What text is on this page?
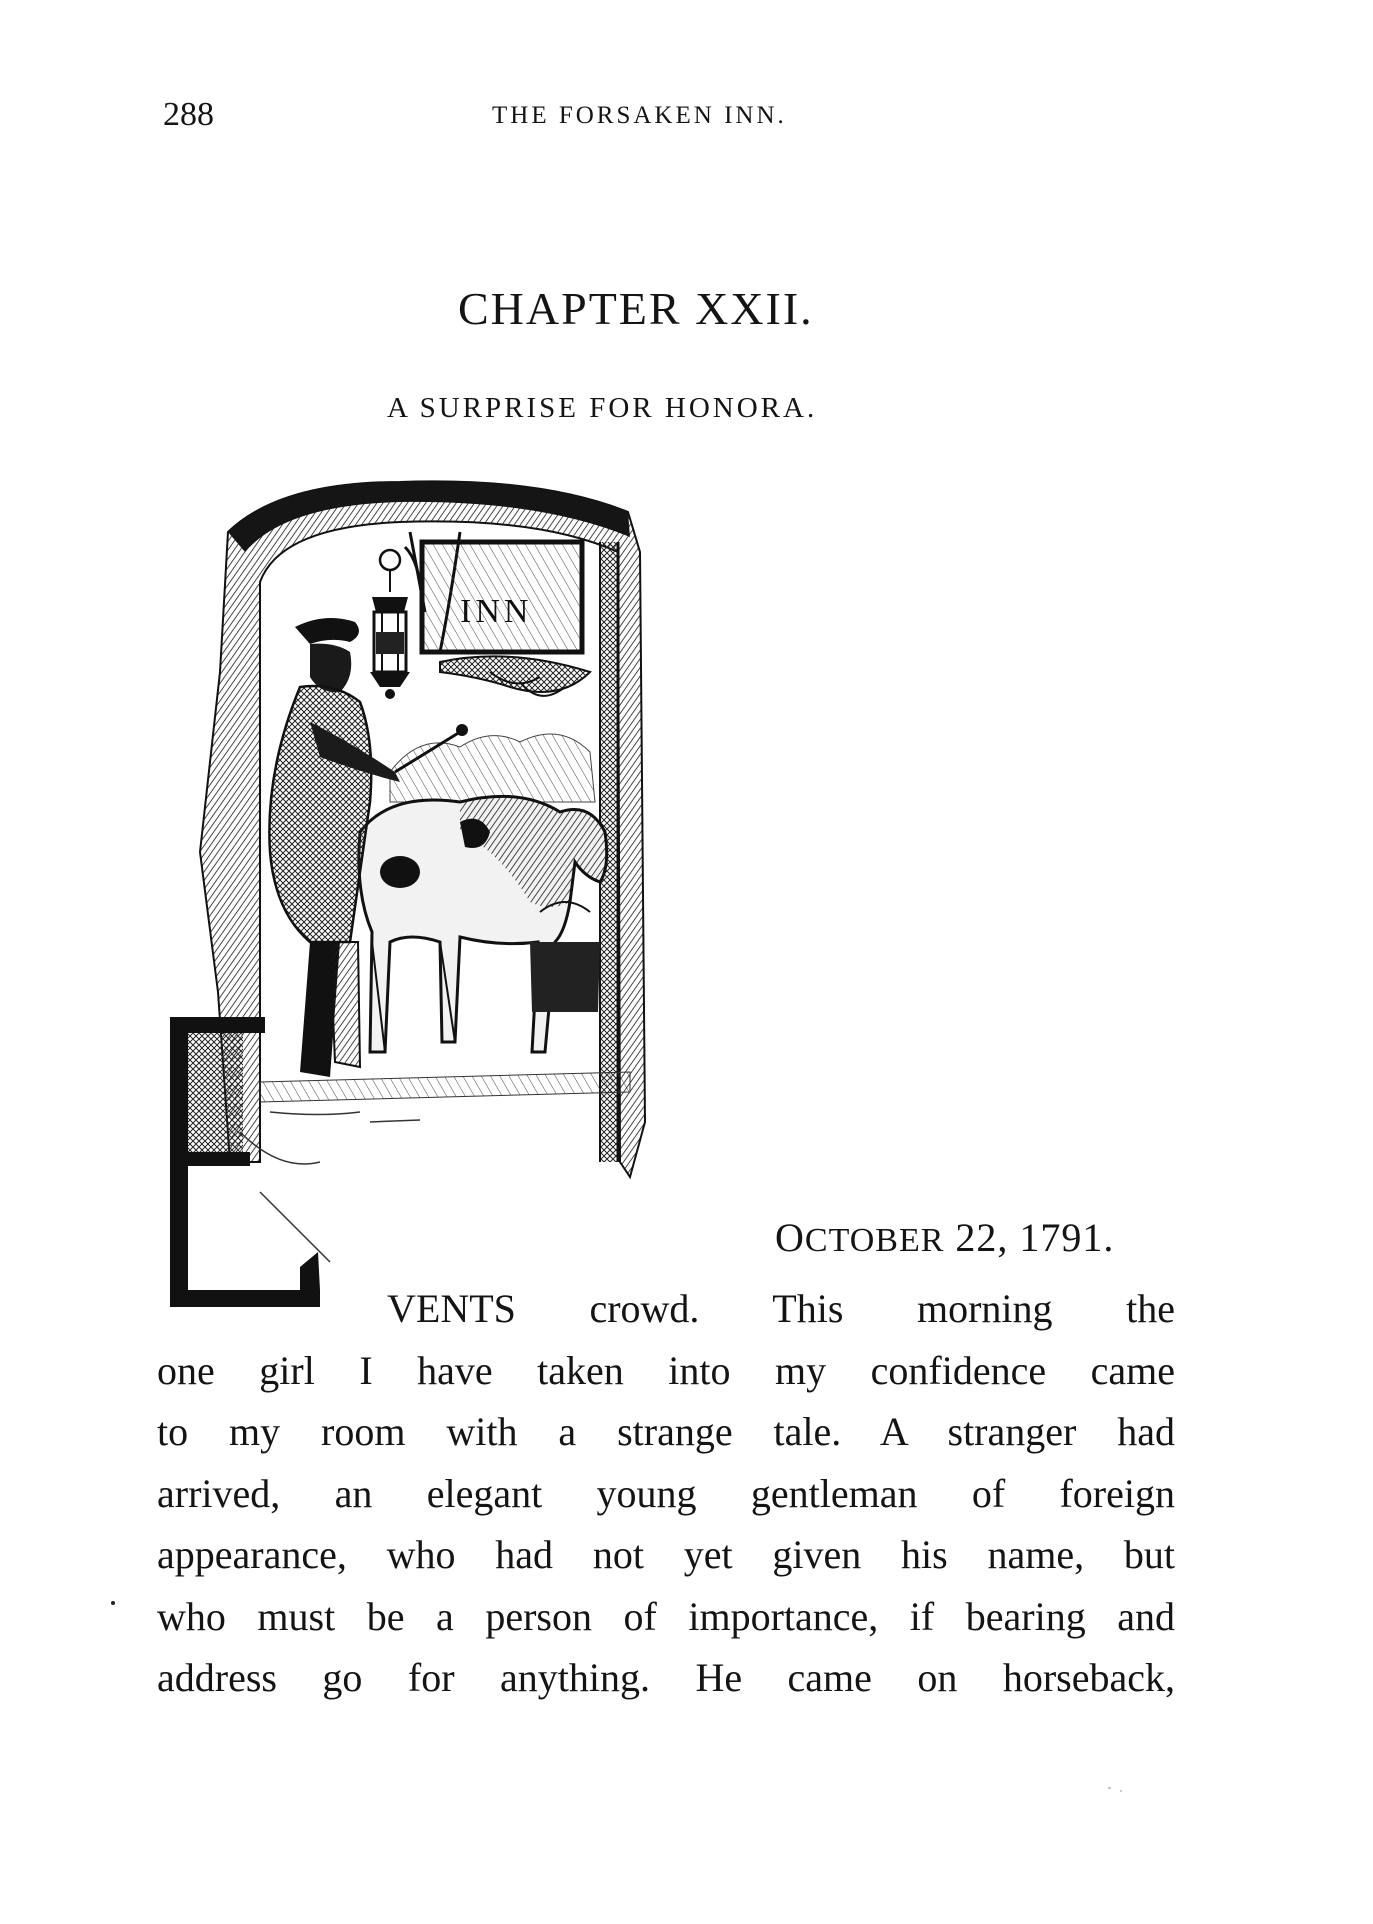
288	THE FORSAKEN INN.
CHAPTER XXII.
A SURPRISE FOR HONORA.
INN
OCTOBER 22, 1791.
VENTS crowd. This morning the
one girl I have taken into my confidence came
to my room with a strange tale. A stranger had
arrived, an elegant young gentleman of foreign
appearance, who had not yet given his name, but
who must be a person of importance, if bearing and
address go for anything. He came on horseback,
